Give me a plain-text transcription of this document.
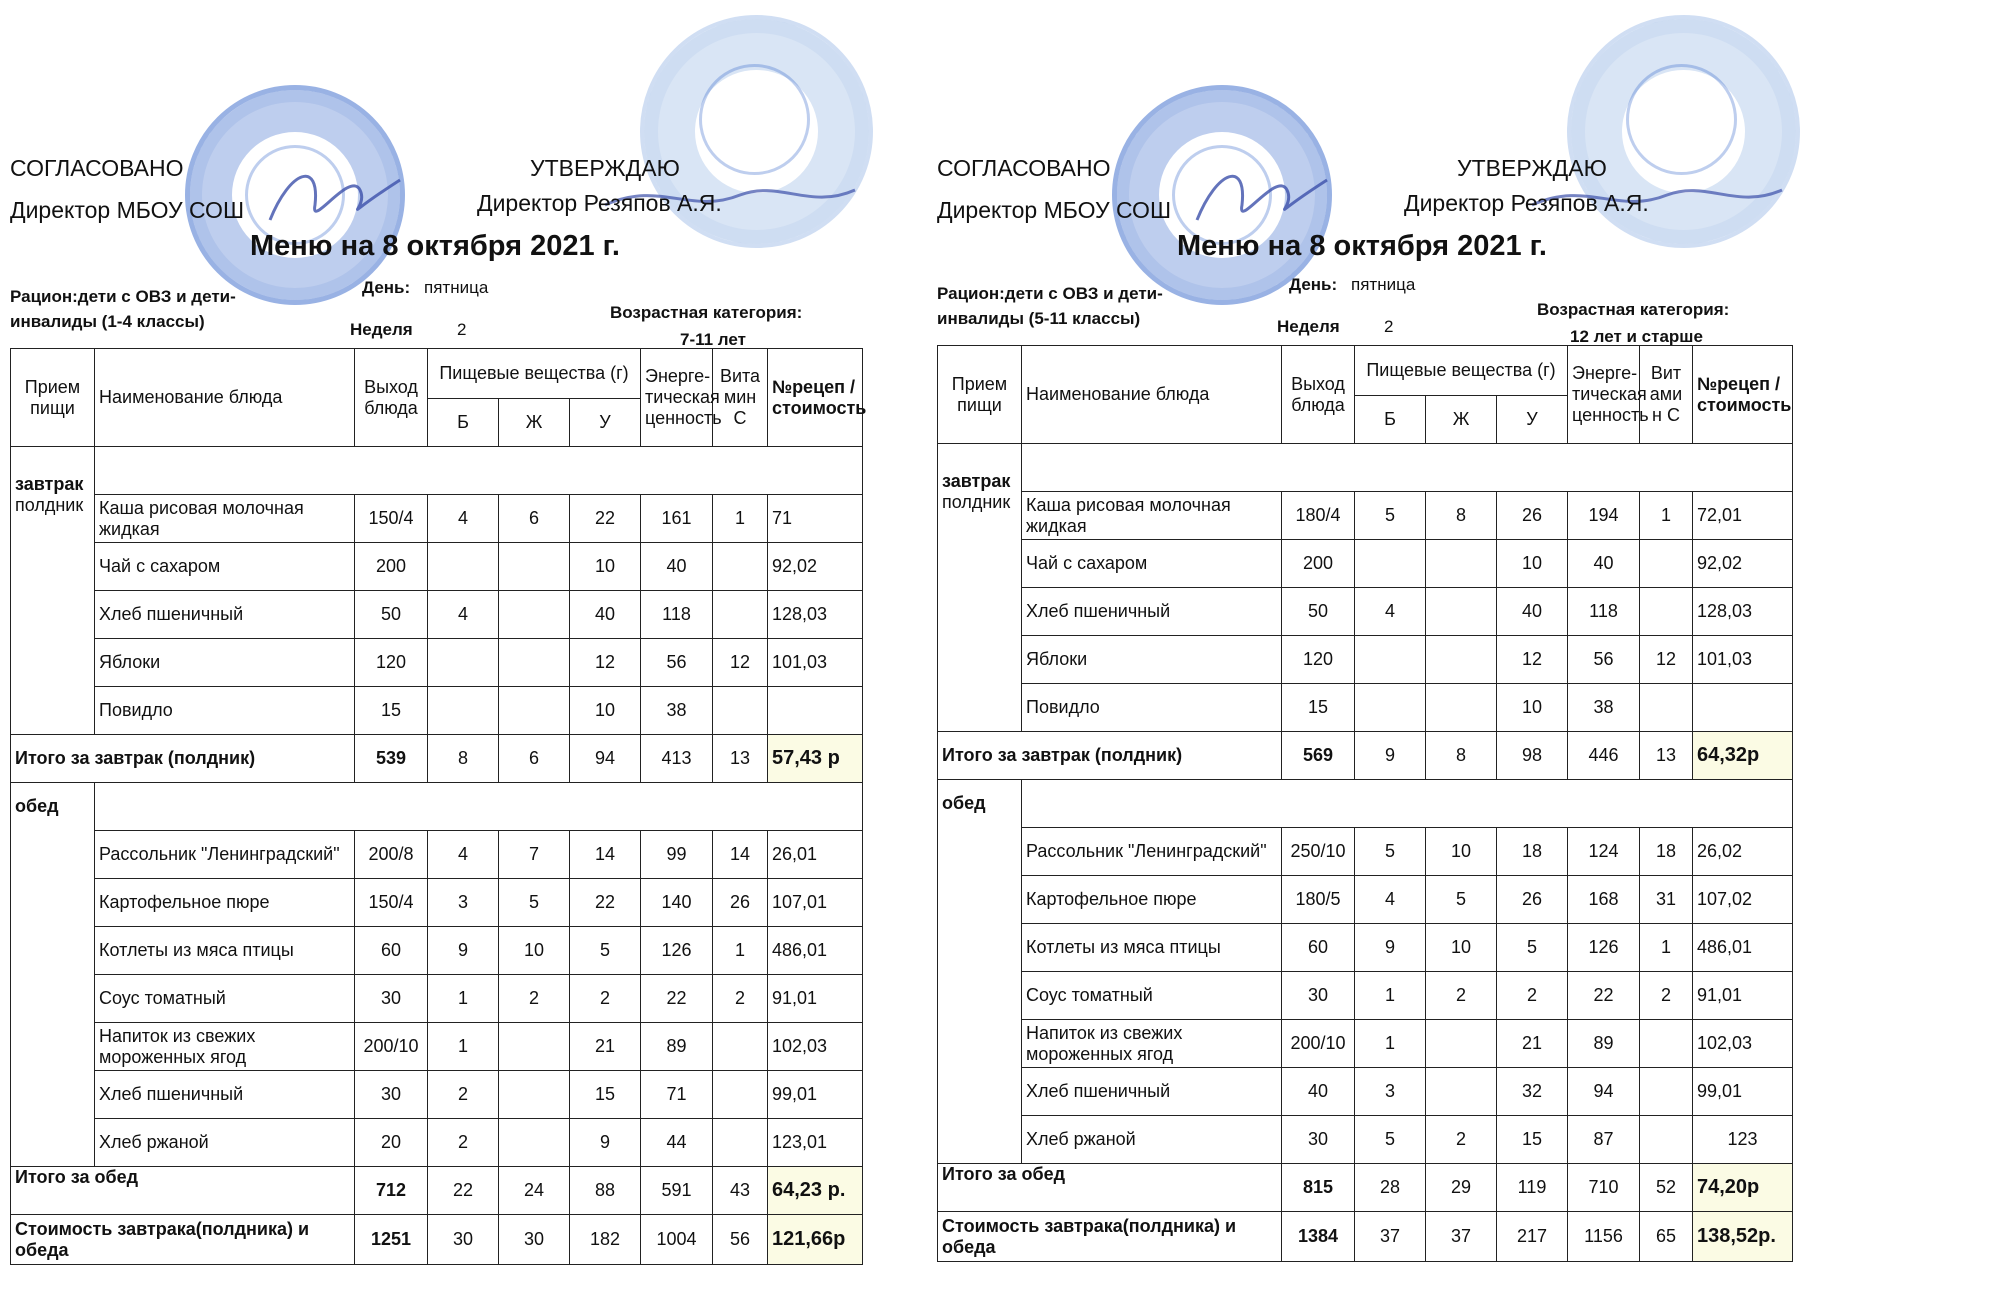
СОГЛАСОВАНО
Директор МБОУ СОШ
УТВЕРЖДАЮ
Директор Резяпов А.Я.
Меню на 8 октября 2021 г.
Рацион:дети с ОВЗ и дети-
инвалиды (1-4 классы)
День: пятница
Неделя	2
Возрастная категория:
7-11 лет
Прием пищи	Наименование блюда	Выход блюда	Пищевые вещества (г)			Энерге-тическая ценность	Вита мин С	№рецеп /стоимость
			Б	Ж	У			
завтрак								
полдник	Каша рисовая молочная жидкая	150/4	4	6	22	161	1	71
	Чай с сахаром	200			10	40		92,02
	Хлеб пшеничный	50	4		40	118		128,03
	Яблоки	120			12	56	12	101,03
	Повидло	15			10	38		
Итого за завтрак (полдник)		539	8	6	94	413	13	57,43 р
обед								
	Рассольник "Ленинградский"	200/8	4	7	14	99	14	26,01
	Картофельное пюре	150/4	3	5	22	140	26	107,01
	Котлеты из мяса птицы	60	9	10	5	126	1	486,01
	Соус томатный	30	1	2	2	22	2	91,01
	Напиток из свежих мороженных ягод	200/10	1		21	89		102,03
	Хлеб пшеничный	30	2		15	71		99,01
	Хлеб ржаной	20	2		9	44		123,01
Итого за обед		712	22	24	88	591	43	64,23 р.
Стоимость завтрака(полдника) и обеда		1251	30	30	182	1004	56	121,66р
СОГЛАСОВАНО
Директор МБОУ СОШ
УТВЕРЖДАЮ
Директор Резяпов А.Я.
Меню на 8 октября 2021 г.
Рацион:дети с ОВЗ и дети-
инвалиды (5-11 классы)
День: пятница
Неделя	2
Возрастная категория:
12 лет и старше
Прием пищи	Наименование блюда	Выход блюда	Пищевые вещества (г)			Энерге-тическая ценность	Вит ами н С	№рецеп /стоимость
			Б	Ж	У			
завтрак								
полдник	Каша рисовая молочная жидкая	180/4	5	8	26	194	1	72,01
	Чай с сахаром	200			10	40		92,02
	Хлеб пшеничный	50	4		40	118		128,03
	Яблоки	120			12	56	12	101,03
	Повидло	15			10	38		
Итого за завтрак (полдник)		569	9	8	98	446	13	64,32р
обед								
	Рассольник "Ленинградский"	250/10	5	10	18	124	18	26,02
	Картофельное пюре	180/5	4	5	26	168	31	107,02
	Котлеты из мяса птицы	60	9	10	5	126	1	486,01
	Соус томатный	30	1	2	2	22	2	91,01
	Напиток из свежих мороженных ягод	200/10	1		21	89		102,03
	Хлеб пшеничный	40	3		32	94		99,01
	Хлеб ржаной	30	5	2	15	87		123
Итого за обед		815	28	29	119	710	52	74,20р
Стоимость завтрака(полдника) и обеда		1384	37	37	217	1156	65	138,52р.
